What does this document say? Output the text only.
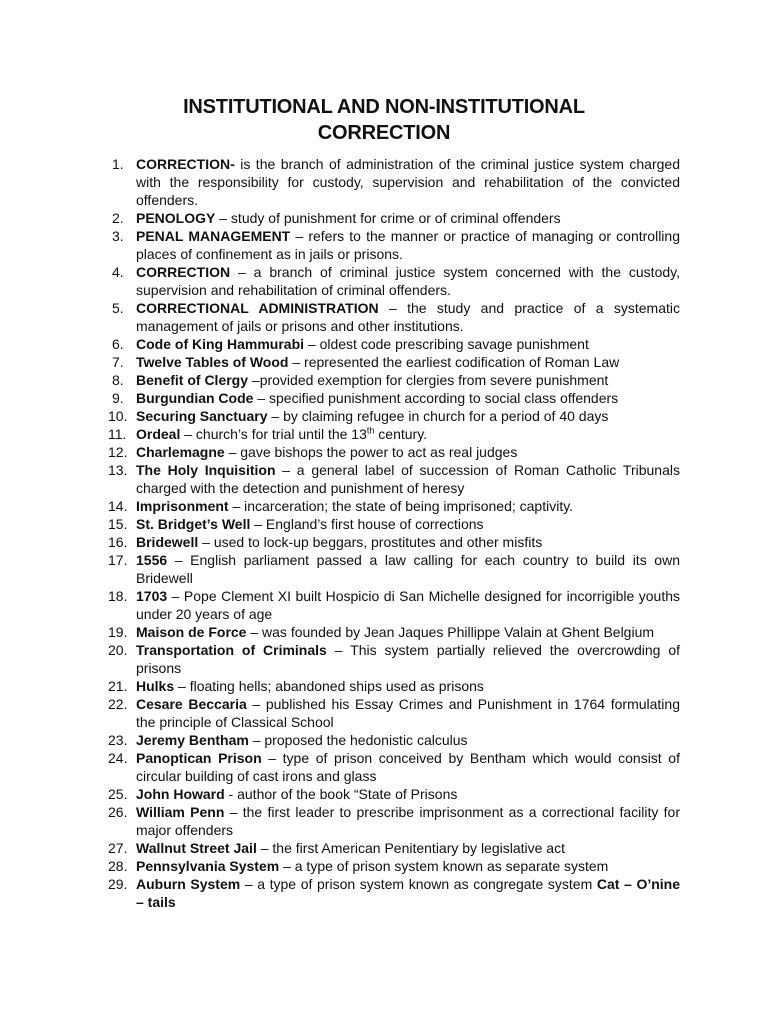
INSTITUTIONAL AND NON-INSTITUTIONAL
CORRECTION
1. CORRECTION- is the branch of administration of the criminal justice system charged with the responsibility for custody, supervision and rehabilitation of the convicted offenders.
2. PENOLOGY – study of punishment for crime or of criminal offenders
3. PENAL MANAGEMENT – refers to the manner or practice of managing or controlling places of confinement as in jails or prisons.
4. CORRECTION – a branch of criminal justice system concerned with the custody, supervision and rehabilitation of criminal offenders.
5. CORRECTIONAL ADMINISTRATION – the study and practice of a systematic management of jails or prisons and other institutions.
6. Code of King Hammurabi – oldest code prescribing savage punishment
7. Twelve Tables of Wood – represented the earliest codification of Roman Law
8. Benefit of Clergy –provided exemption for clergies from severe punishment
9. Burgundian Code – specified punishment according to social class offenders
10. Securing Sanctuary – by claiming refugee in church for a period of 40 days
11. Ordeal – church’s for trial until the 13th century.
12. Charlemagne – gave bishops the power to act as real judges
13. The Holy Inquisition – a general label of succession of Roman Catholic Tribunals charged with the detection and punishment of heresy
14. Imprisonment – incarceration; the state of being imprisoned; captivity.
15. St. Bridget’s Well – England’s first house of corrections
16. Bridewell – used to lock-up beggars, prostitutes and other misfits
17. 1556 – English parliament passed a law calling for each country to build its own Bridewell
18. 1703 – Pope Clement XI built Hospicio di San Michelle designed for incorrigible youths under 20 years of age
19. Maison de Force – was founded by Jean Jaques Phillippe Valain at Ghent Belgium
20. Transportation of Criminals – This system partially relieved the overcrowding of prisons
21. Hulks – floating hells; abandoned ships used as prisons
22. Cesare Beccaria – published his Essay Crimes and Punishment in 1764 formulating the principle of Classical School
23. Jeremy Bentham – proposed the hedonistic calculus
24. Panoptican Prison – type of prison conceived by Bentham which would consist of circular building of cast irons and glass
25. John Howard - author of the book “State of Prisons
26. William Penn – the first leader to prescribe imprisonment as a correctional facility for major offenders
27. Wallnut Street Jail – the first American Penitentiary by legislative act
28. Pennsylvania System – a type of prison system known as separate system
29. Auburn System – a type of prison system known as congregate system Cat – O’nine – tails
